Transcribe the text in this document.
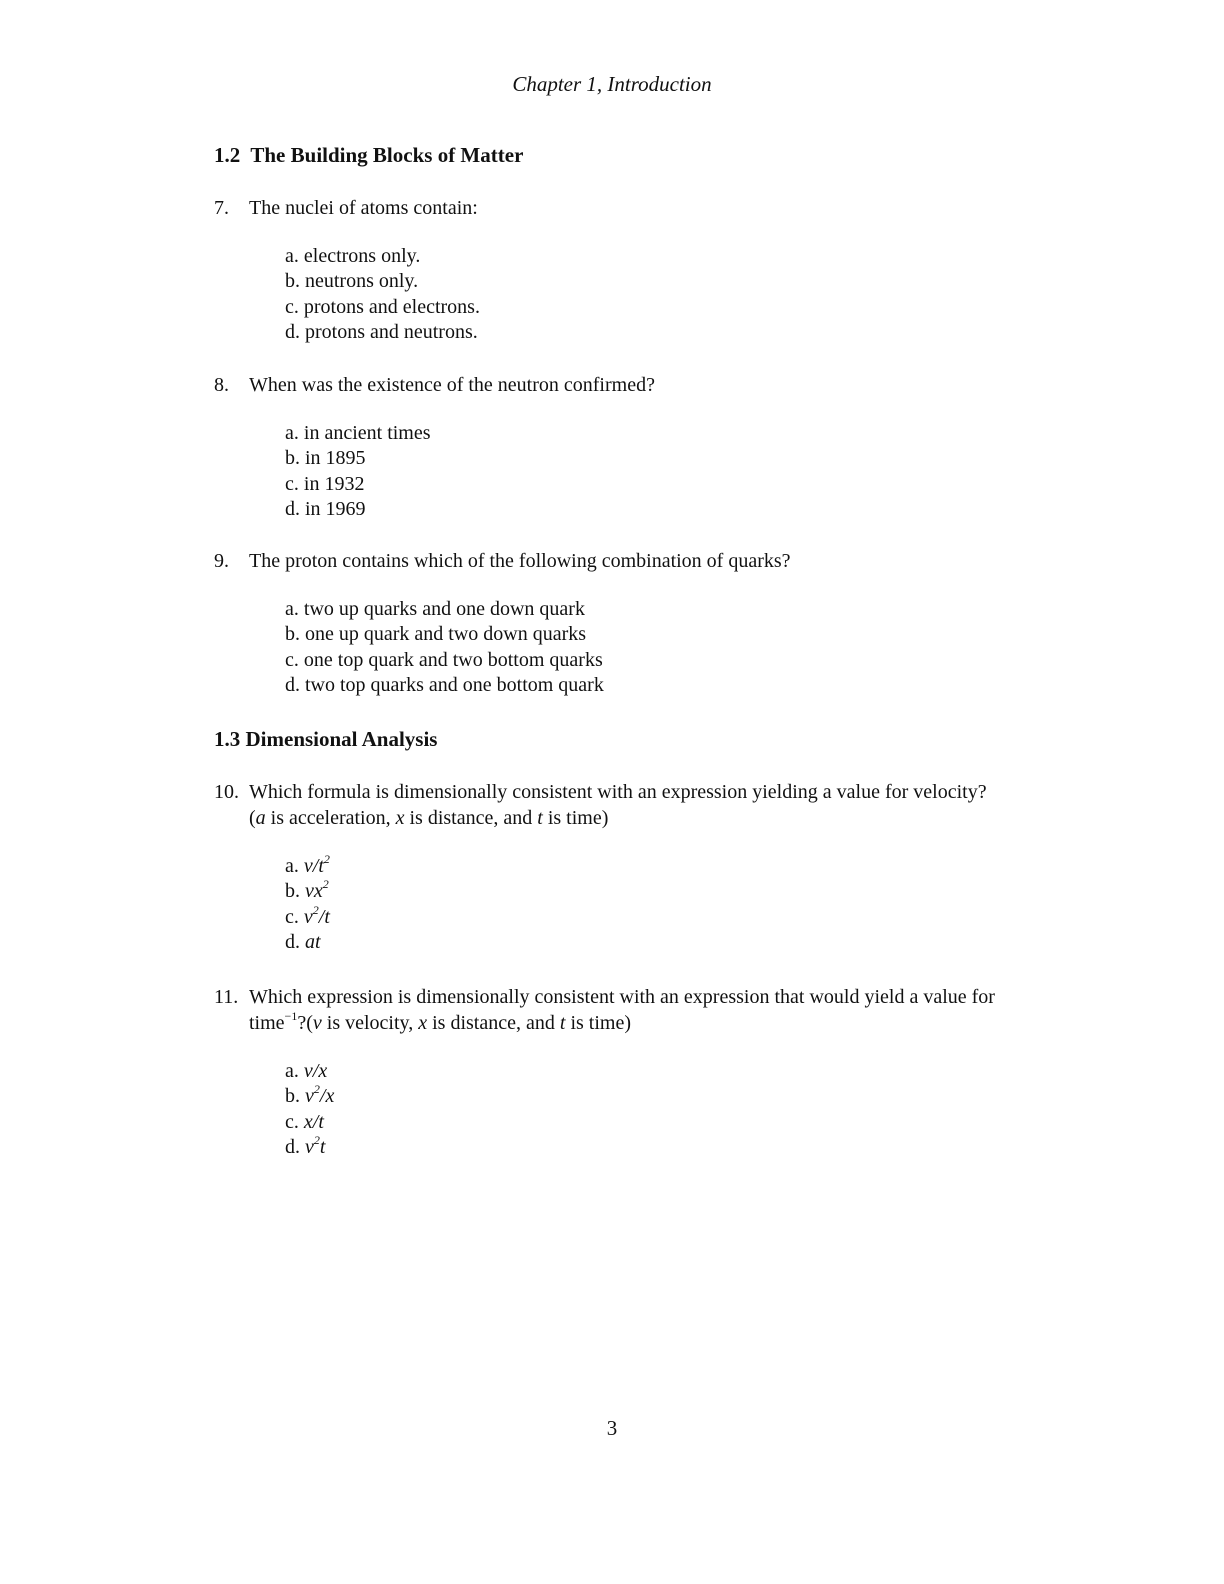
Chapter 1, Introduction
1.2 The Building Blocks of Matter
7. The nuclei of atoms contain:
a. electrons only.
b. neutrons only.
c. protons and electrons.
d. protons and neutrons.
8. When was the existence of the neutron confirmed?
a. in ancient times
b. in 1895
c. in 1932
d. in 1969
9. The proton contains which of the following combination of quarks?
a. two up quarks and one down quark
b. one up quark and two down quarks
c. one top quark and two bottom quarks
d. two top quarks and one bottom quark
1.3 Dimensional Analysis
10. Which formula is dimensionally consistent with an expression yielding a value for velocity?
(a is acceleration, x is distance, and t is time)
a. $v/t^2$
b. $vx^2$
c. $v^2/t$
d. at
11. Which expression is dimensionally consistent with an expression that would yield a value for
time$^{-1}$?(v is velocity, x is distance, and t is time)
a. v/x
b. $v^2/x$
c. x/t
d. $v^2t$
3
